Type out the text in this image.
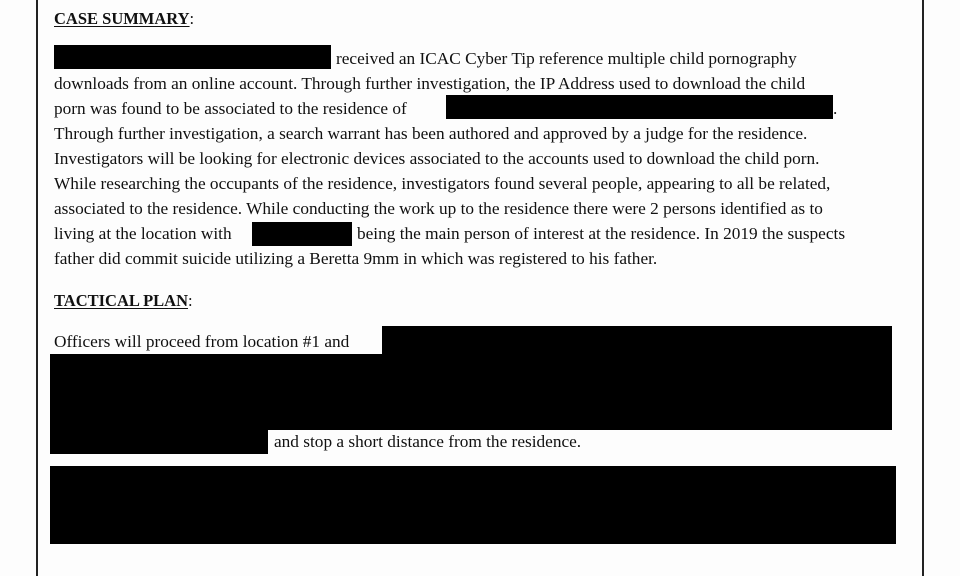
CASE SUMMARY:
received an ICAC Cyber Tip reference multiple child pornography
downloads from an online account. Through further investigation, the IP Address used to download the child
porn was found to be associated to the residence of	.
Through further investigation, a search warrant has been authored and approved by a judge for the residence.
Investigators will be looking for electronic devices associated to the accounts used to download the child porn.
While researching the occupants of the residence, investigators found several people, appearing to all be related,
associated to the residence. While conducting the work up to the residence there were 2 persons identified as to
living at the location with	being the main person of interest at the residence. In 2019 the suspects
father did commit suicide utilizing a Beretta 9mm in which was registered to his father.
TACTICAL PLAN:
Officers will proceed from location #1 and
and stop a short distance from the residence.
